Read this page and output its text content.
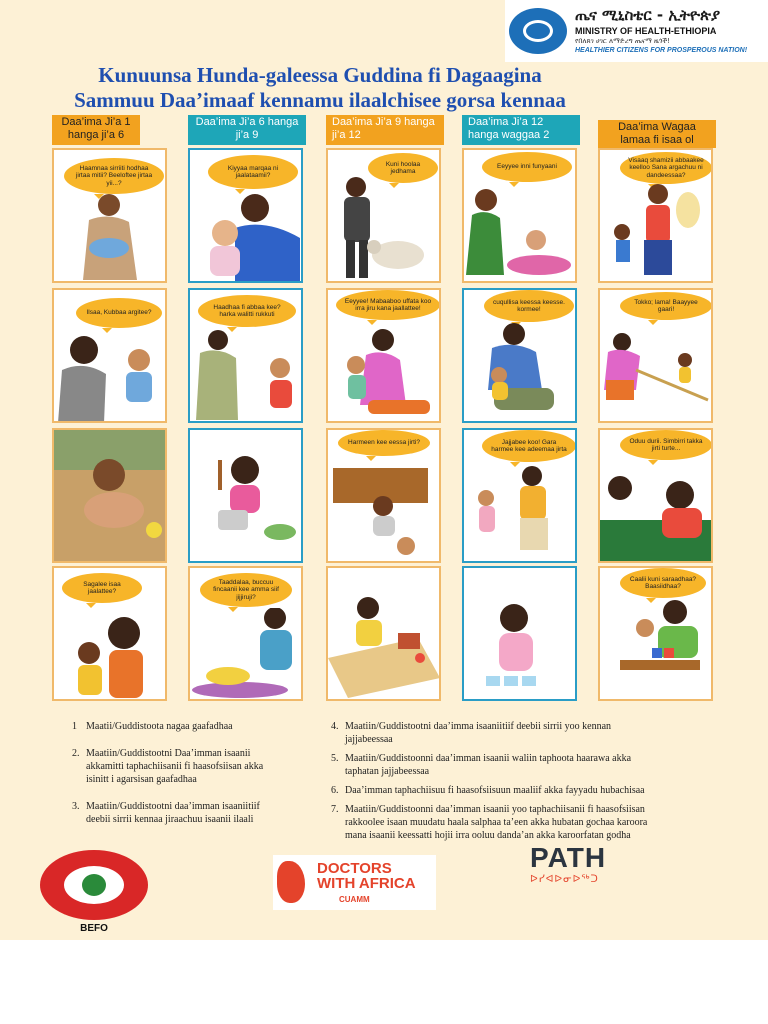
ጤና ሚኒስቴር - ኢትዮጵያ
MINISTRY OF HEALTH-ETHIOPIA
የበለጸገ ሀገር ለማድረግ ጤናማ ዜጎች!
HEALTHIER CITIZENS FOR PROSPEROUS NATION!
Kunuunsa Hunda-galeessa Guddina fi Dagaagina
Sammuu Daa’imaaf kennamu ilaalchisee gorsa kennaa
Daa’ima Ji’a 1 hanga ji’a 6
Daa’ima Ji’a 6 hanga ji’a 9
Daa’ima Ji’a 9 hanga ji’a 12
Daa’ima Ji’a 12 hanga waggaa 2
Daa’ima Wagaa lamaa fi isaa ol
Haamnaa sirriiti hodhaa jirtaa mitii? Beeloftee jirtaa yii...?
Kiyyaa marqaa ni jaalataamii?
Kuni hoolaa jedhama
Eeyyee inni funyaani
Visaaq shamizii abbaakee keelloo Sana argachuu ni dandeessaa?
Ilsaa, Kubbaa argitee?
Haadhaa fi abbaa kee? harka walitti rukkuti
Eeyyee! Mabaaboo uffata koo irra jiru kana jaallattee!
cuqullisa keessa keesse. kormee!
Tokko; lama! Baayyee gaari!
Harmeen kee eessa jirti?	Jajjabee koo! Gara harmee kee adeemaa jirta
Oduu durii. Simbirri takka jirti turte...
Sagalee isaa jaalattee?
Taaddalaa, buccuu fincaanii kee amma siif jijjiruji?
Caalii kuni saraadhaa? Baasiidhaa?
1 Maatii/Guddistoota nagaa gaafadhaa
2. Maatiin/Guddistootni Daa’imman isaanii akkamitti taphachiisanii fi haasofsiisan akka isinitt i agarsisan gaafadhaa
3. Maatiin/Guddistootni daa’imman isaaniitiif deebii sirrii kennaa jiraachuu isaanii ilaali
4. Maatiin/Guddistootni daa’imma isaaniitiif deebii sirrii yoo kennan jajjabeessaa
5. Maatiin/Guddistoonni daa’imman isaanii waliin taphoota haarawa akka taphatan jajjabeessaa
6. Daa’imman taphachiisuu fi haasofsiisuun maaliif akka fayyadu hubachisaa
7. Maatiin/Guddistoonni daa’imman isaanii yoo taphachiisanii fi haasofsiisan rakkoolee isaan muudatu haala salphaa ta’een akka hubatan gochaa karoora mana isaanii keessatti hojii irra ooluu danda’an akka karoorfatan godha
BEFO
DOCTORS
WITH AFRICA
CUAMM
PATH
ᐅᓯᐊᐅᓂᐅᖅᑐ
